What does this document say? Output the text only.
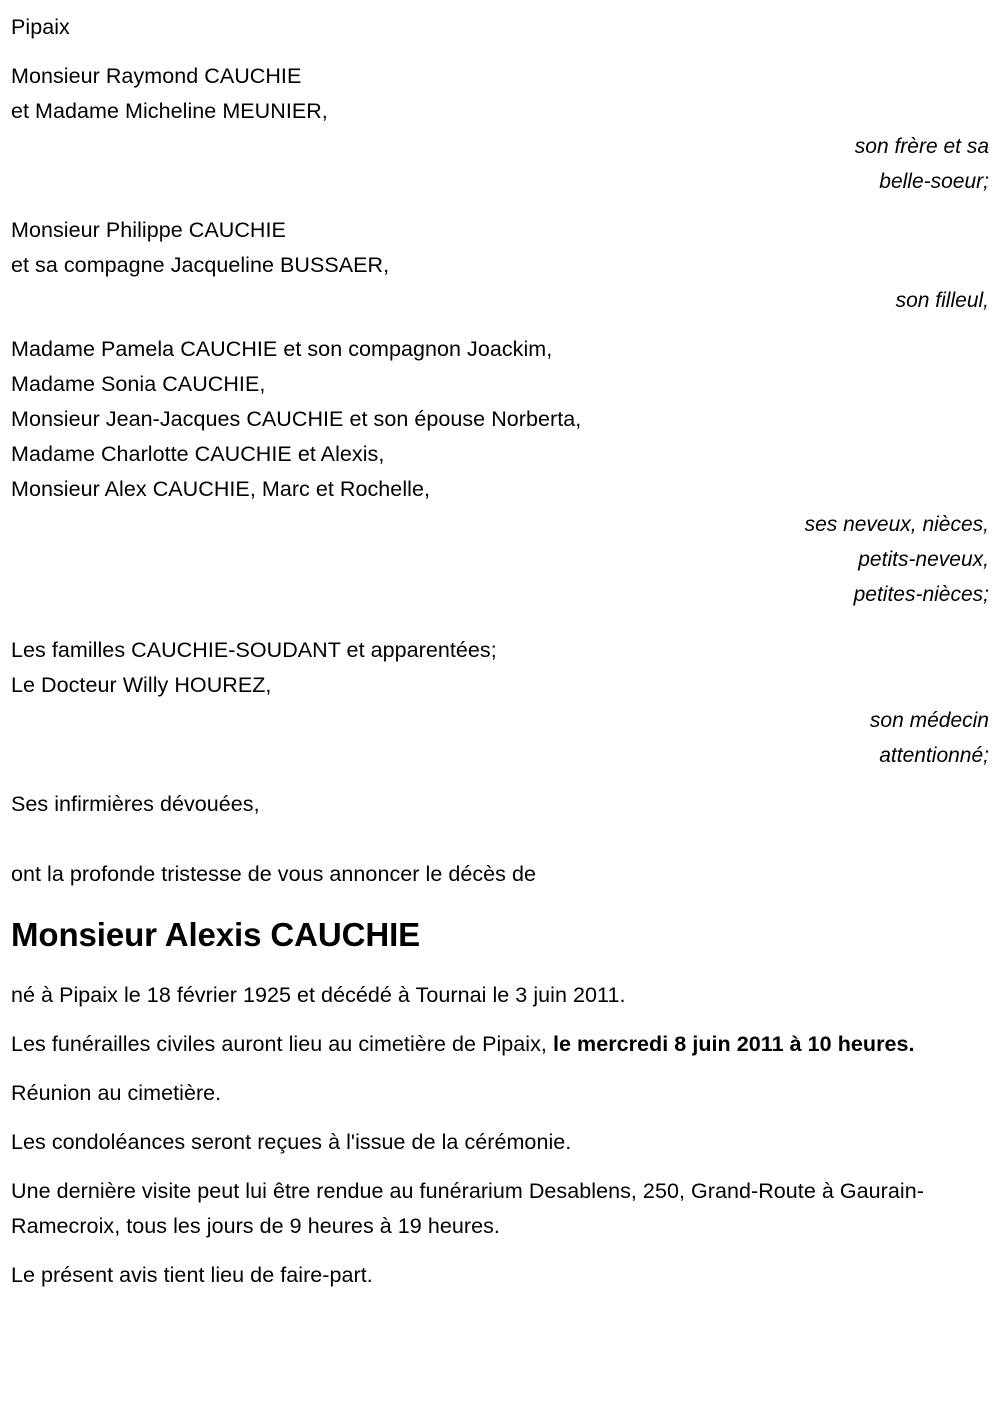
Pipaix
Monsieur Raymond CAUCHIE
et Madame Micheline MEUNIER,
son frère et sa
belle-soeur;
Monsieur Philippe CAUCHIE
et sa compagne Jacqueline BUSSAER,
son filleul,
Madame Pamela CAUCHIE et son compagnon Joackim,
Madame Sonia CAUCHIE,
Monsieur Jean-Jacques CAUCHIE et son épouse Norberta,
Madame Charlotte CAUCHIE et Alexis,
Monsieur Alex CAUCHIE, Marc et Rochelle,
ses neveux, nièces,
petits-neveux,
petites-nièces;
Les familles CAUCHIE-SOUDANT et apparentées;
Le Docteur Willy HOUREZ,
son médecin
attentionné;
Ses infirmières dévouées,
ont la profonde tristesse de vous annoncer le décès de
Monsieur Alexis CAUCHIE
né à Pipaix le 18 février 1925 et décédé à Tournai le 3 juin 2011.
Les funérailles civiles auront lieu au cimetière de Pipaix, le mercredi 8 juin 2011 à 10 heures.
Réunion au cimetière.
Les condoléances seront reçues à l'issue de la cérémonie.
Une dernière visite peut lui être rendue au funérarium Desablens, 250, Grand-Route à Gaurain-Ramecroix, tous les jours de 9 heures à 19 heures.
Le présent avis tient lieu de faire-part.
